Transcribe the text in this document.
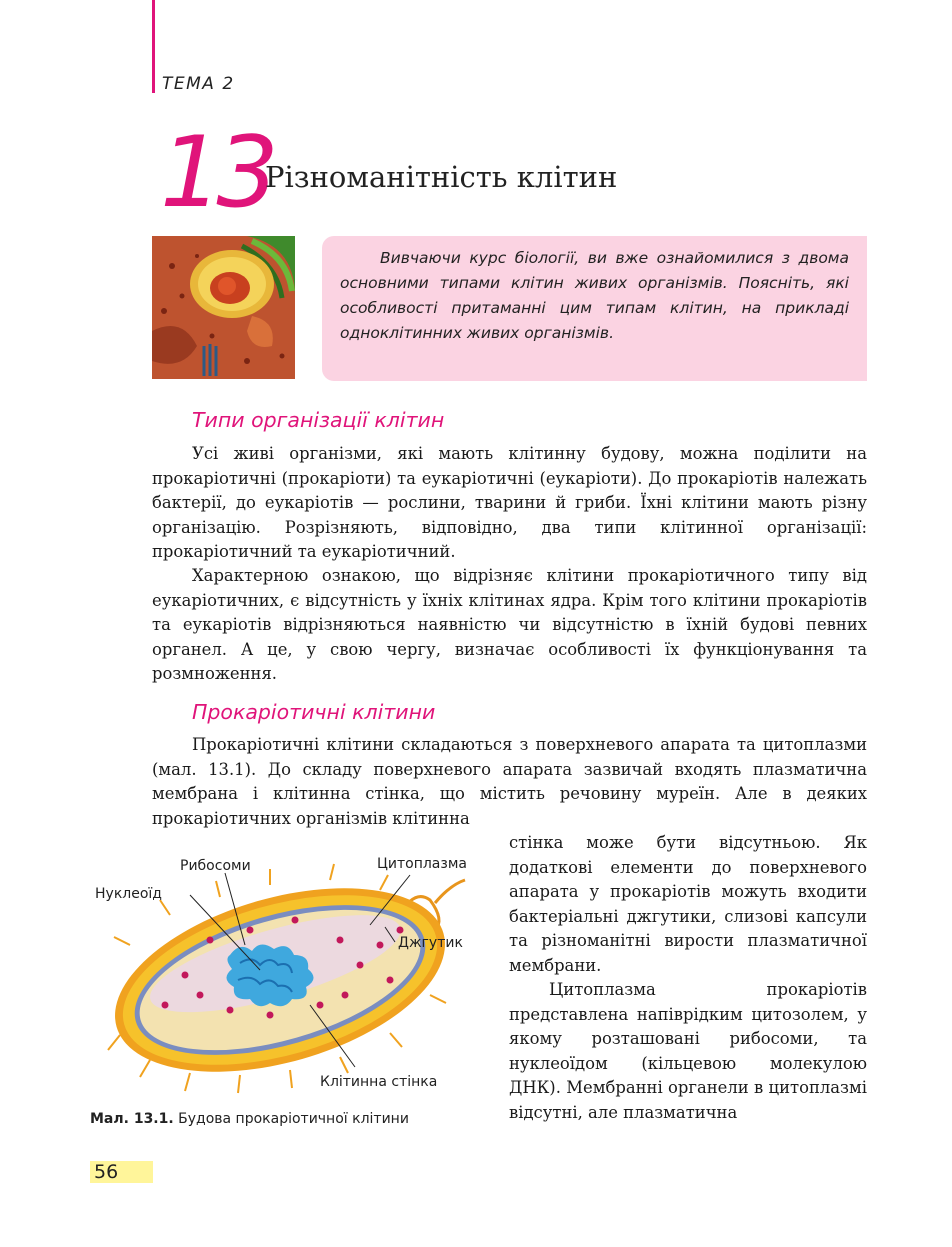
ТЕМА 2
13
Різноманітність клітин
Вивчаючи курс біології, ви вже ознайомилися з двома основними типами клітин живих організмів. Поясніть, які особливості притаманні цим типам клітин, на прикладі одноклітинних живих організмів.
Типи організації клітин

Усі живі організми, які мають клітинну будову, можна поділити на прокаріотичні (прокаріоти) та еукаріотичні (еукаріоти). До прокаріотів належать бактерії, до еукаріотів — рослини, тварини й гриби. Їхні клітини мають різну організацію. Розрізняють, відповідно, два типи клітинної організації: прокаріотичний та еукаріотичний.

Характерною ознакою, що відрізняє клітини прокаріотичного типу від еукаріотичних, є відсутність у їхніх клітинах ядра. Крім того клітини прокаріотів та еукаріотів відрізняються наявністю чи відсутністю в їхній будові певних органел. А це, у свою чергу, визначає особливості їх функціонування та розмноження.

Прокаріотичні клітини

Прокаріотичні клітини складаються з поверхневого апарата та цитоплазми (мал. 13.1). До складу поверхневого апарата зазвичай входять плазматична мембрана і клітинна стінка, що містить речовину муреїн. Але в деяких прокаріотичних організмів клітинна

стінка може бути відсутньою. Як додаткові елементи до поверхневого апарата у прокаріотів можуть входити бактеріальні джгутики, слизові капсули та різноманітні вирости плазматичної мембрани.

Цитоплазма прокаріотів представлена напіврідким цитозолем, у якому розташовані рибосоми, та нуклеоїдом (кільцевою молекулою ДНК). Мембранні органели в цитоплазмі відсутні, але плазматична

Рибосоми	Цитоплазма
Нуклеоїд
Джгутик
Клітинна стінка
Мал. 13.1. Будова прокаріотичної клітини
56
